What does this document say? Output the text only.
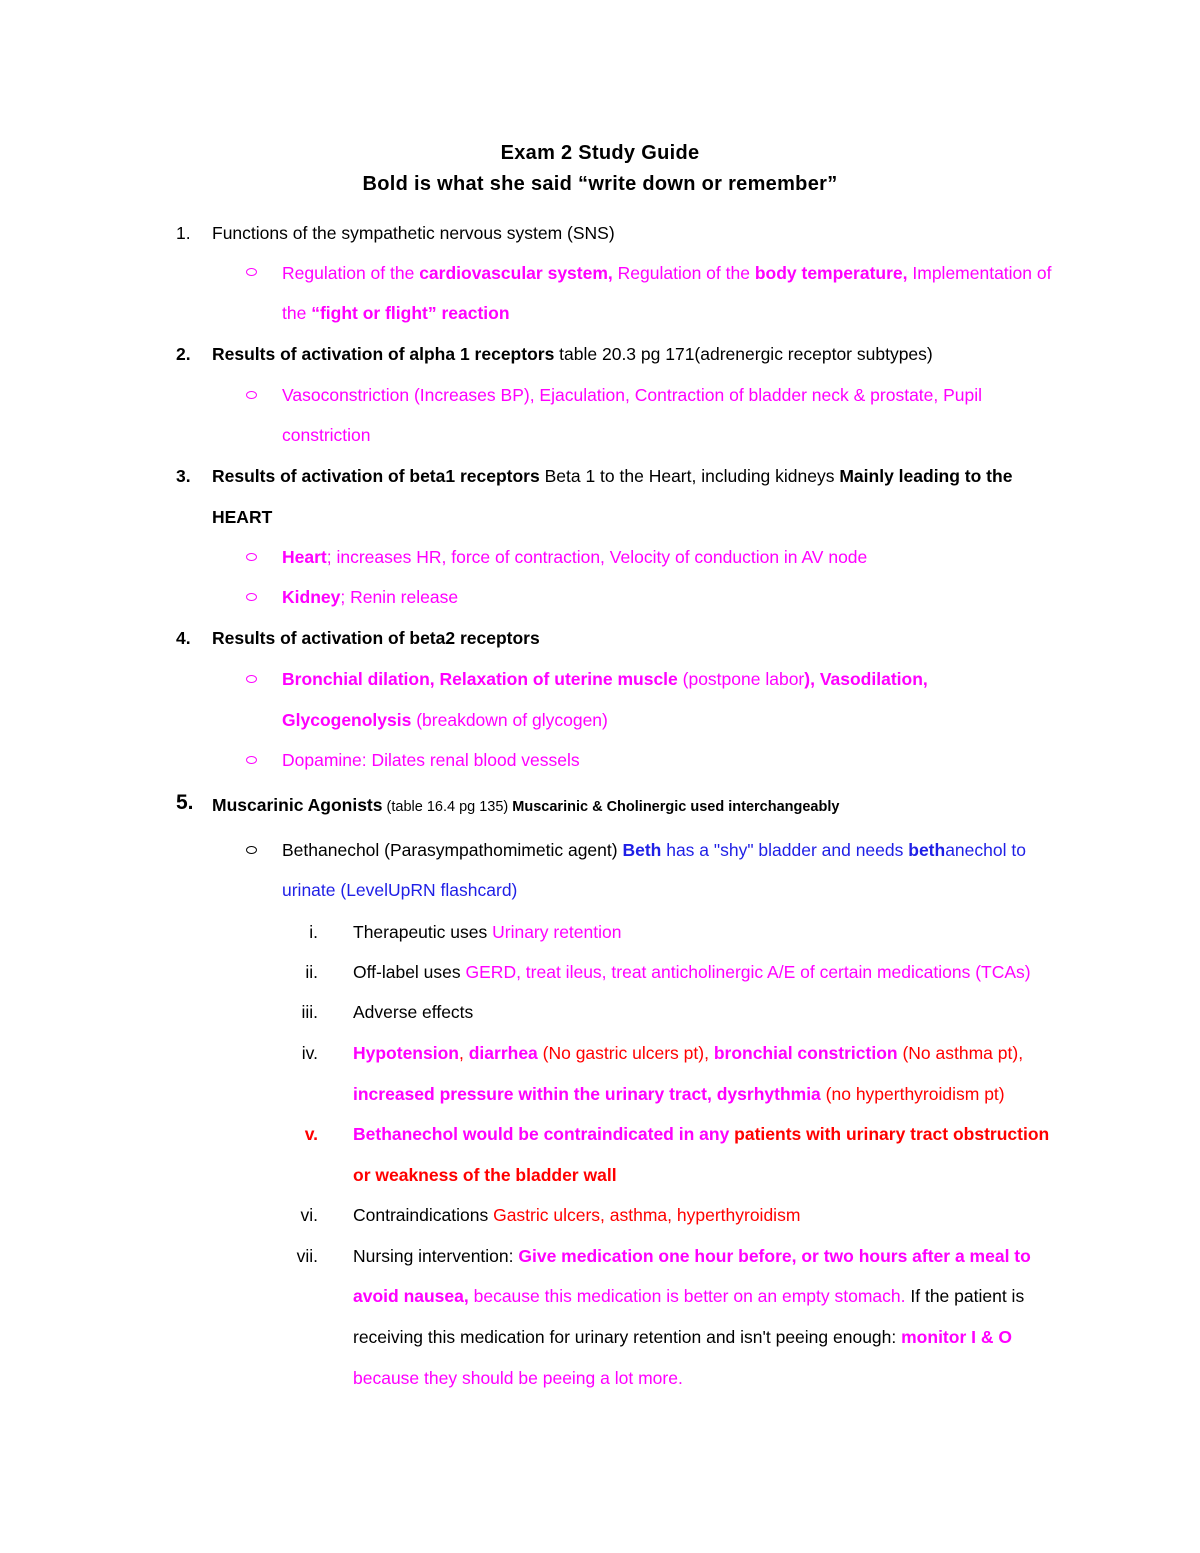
Exam 2 Study Guide
Bold is what she said “write down or remember”
1. Functions of the sympathetic nervous system (SNS)
Regulation of the cardiovascular system, Regulation of the body temperature, Implementation of
the “fight or flight” reaction
2. Results of activation of alpha 1 receptors table 20.3 pg 171(adrenergic receptor subtypes)
Vasoconstriction (Increases BP), Ejaculation, Contraction of bladder neck & prostate, Pupil
constriction
3. Results of activation of beta1 receptors Beta 1 to the Heart, including kidneys Mainly leading to the
HEART
Heart; increases HR, force of contraction, Velocity of conduction in AV node
Kidney; Renin release
4. Results of activation of beta2 receptors
Bronchial dilation, Relaxation of uterine muscle (postpone labor), Vasodilation,
Glycogenolysis (breakdown of glycogen)
Dopamine: Dilates renal blood vessels
5. Muscarinic Agonists (table 16.4 pg 135) Muscarinic & Cholinergic used interchangeably
Bethanechol (Parasympathomimetic agent) Beth has a "shy" bladder and needs bethanechol to
urinate (LevelUpRN flashcard)
i. Therapeutic uses Urinary retention
ii. Off-label uses GERD, treat ileus, treat anticholinergic A/E of certain medications (TCAs)
iii. Adverse effects
iv. Hypotension, diarrhea (No gastric ulcers pt), bronchial constriction (No asthma pt),
increased pressure within the urinary tract, dysrhythmia (no hyperthyroidism pt)
v. Bethanechol would be contraindicated in any patients with urinary tract obstruction
or weakness of the bladder wall
vi. Contraindications Gastric ulcers, asthma, hyperthyroidism
vii. Nursing intervention: Give medication one hour before, or two hours after a meal to
avoid nausea, because this medication is better on an empty stomach. If the patient is
receiving this medication for urinary retention and isn't peeing enough: monitor I & O
because they should be peeing a lot more.
